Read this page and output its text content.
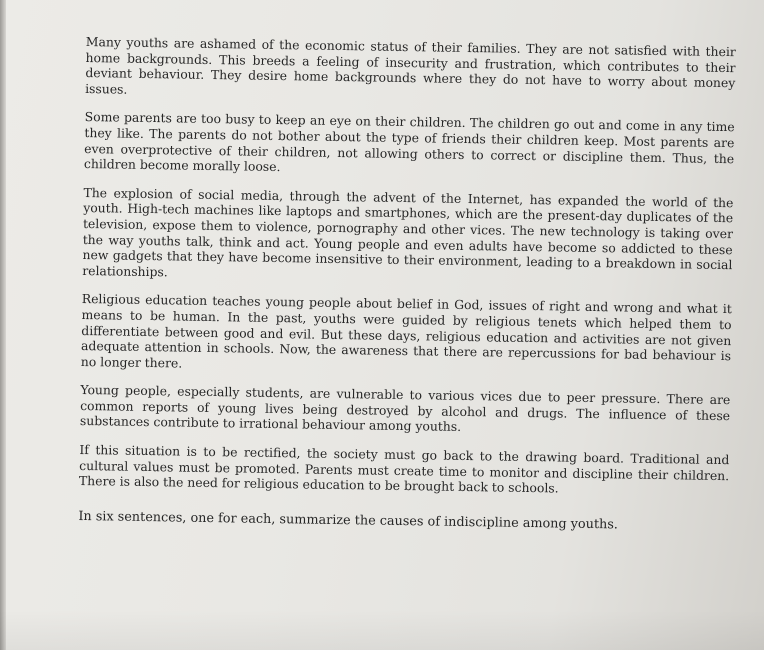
Many youths are ashamed of the economic status of their families. They are not satisfied with their home backgrounds. This breeds a feeling of insecurity and frustration, which contributes to their deviant behaviour. They desire home backgrounds where they do not have to worry about money issues.

Some parents are too busy to keep an eye on their children. The children go out and come in any time they like. The parents do not bother about the type of friends their children keep. Most parents are even overprotective of their children, not allowing others to correct or discipline them. Thus, the children become morally loose.

The explosion of social media, through the advent of the Internet, has expanded the world of the youth. High-tech machines like laptops and smartphones, which are the present-day duplicates of the television, expose them to violence, pornography and other vices. The new technology is taking over the way youths talk, think and act. Young people and even adults have become so addicted to these new gadgets that they have become insensitive to their environment, leading to a breakdown in social relationships.

Religious education teaches young people about belief in God, issues of right and wrong and what it means to be human. In the past, youths were guided by religious tenets which helped them to differentiate between good and evil. But these days, religious education and activities are not given adequate attention in schools. Now, the awareness that there are repercussions for bad behaviour is no longer there.

Young people, especially students, are vulnerable to various vices due to peer pressure. There are common reports of young lives being destroyed by alcohol and drugs. The influence of these substances contribute to irrational behaviour among youths.

If this situation is to be rectified, the society must go back to the drawing board. Traditional and cultural values must be promoted. Parents must create time to monitor and discipline their children. There is also the need for religious education to be brought back to schools.

In six sentences, one for each, summarize the causes of indiscipline among youths.
